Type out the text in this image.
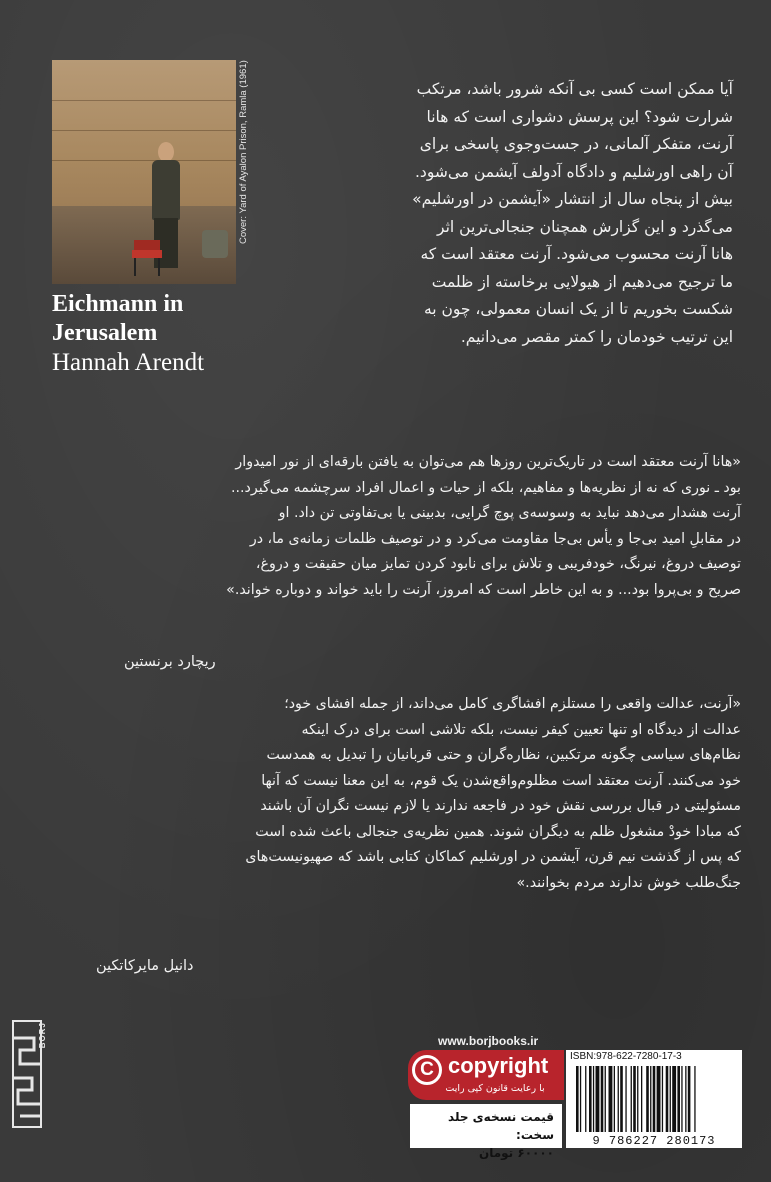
Cover: Yard of Ayalon Prison, Ramla (1961)
Eichmann in
Jerusalem
Hannah Arendt
آیا ممکن است کسی بی آنکه شرور باشد، مرتکب
شرارت شود؟ این پرسش دشواری است که هانا
آرنت، متفکر آلمانی، در جست‌وجوی پاسخی برای
آن راهی اورشلیم و دادگاه آدولف آیشمن می‌شود.
بیش از پنجاه سال از انتشار «آیشمن در اورشلیم»
می‌گذرد و این گزارش همچنان جنجالی‌ترین اثر
هانا آرنت محسوب می‌شود. آرنت معتقد است که
ما ترجیح می‌دهیم از هیولایی برخاسته از ظلمت
شکست بخوریم تا از یک انسان معمولی، چون به
این ترتیب خودمان را کمتر مقصر می‌دانیم.
«هانا آرنت معتقد است در تاریک‌ترین روزها هم می‌توان به یافتن بارقه‌ای از نور امیدوار
بود ـ نوری که نه از نظریه‌ها و مفاهیم، بلکه از حیات و اعمال افراد سرچشمه می‌گیرد...
آرنت هشدار می‌دهد نباید به وسوسه‌ی پوچ گرایی، بدبینی یا بی‌تفاوتی تن داد. او
در مقابلِ امید بی‌جا و یأس بی‌جا مقاومت می‌کرد و در توصیف ظلمات زمانه‌ی ما، در
توصیف دروغ، نیرنگ، خودفریبی و تلاش برای نابود کردن تمایز میان حقیقت و دروغ،
صریح و بی‌پروا بود... و به این خاطر است که امروز، آرنت را باید خواند و دوباره خواند.»
ریچارد برنستین
«آرنت، عدالت واقعی را مستلزم افشاگری کامل می‌داند، از جمله افشای خود؛
عدالت از دیدگاه او تنها تعیین کیفر نیست، بلکه تلاشی است برای درک اینکه
نظام‌های سیاسی چگونه مرتکبین، نظاره‌گران و حتی قربانیان را تبدیل به همدست
خود می‌کنند. آرنت معتقد است مظلوم‌واقع‌شدن یک قوم، به این معنا نیست که آنها
مسئولیتی در قبال بررسی نقش خود در فاجعه ندارند یا لازم نیست نگران آن باشند
که مبادا خودْ مشغول ظلم به دیگران شوند. همین نظریه‌ی جنجالی باعث شده است
که پس از گذشت نیم قرن، آیشمن در اورشلیم کماکان کتابی باشد که صهیونیست‌های
جنگ‌طلب خوش ندارند مردم بخوانند.»
دانیل مایرکاتکین
BORJ	www.borjbooks.ir
C copyright
با رعایت قانون کپی رایت
ISBN:978-622-7280-17-3
9 786227 280173
قیمت نسخه‌ی جلد سخت:
۶۰۰۰۰ تومان
